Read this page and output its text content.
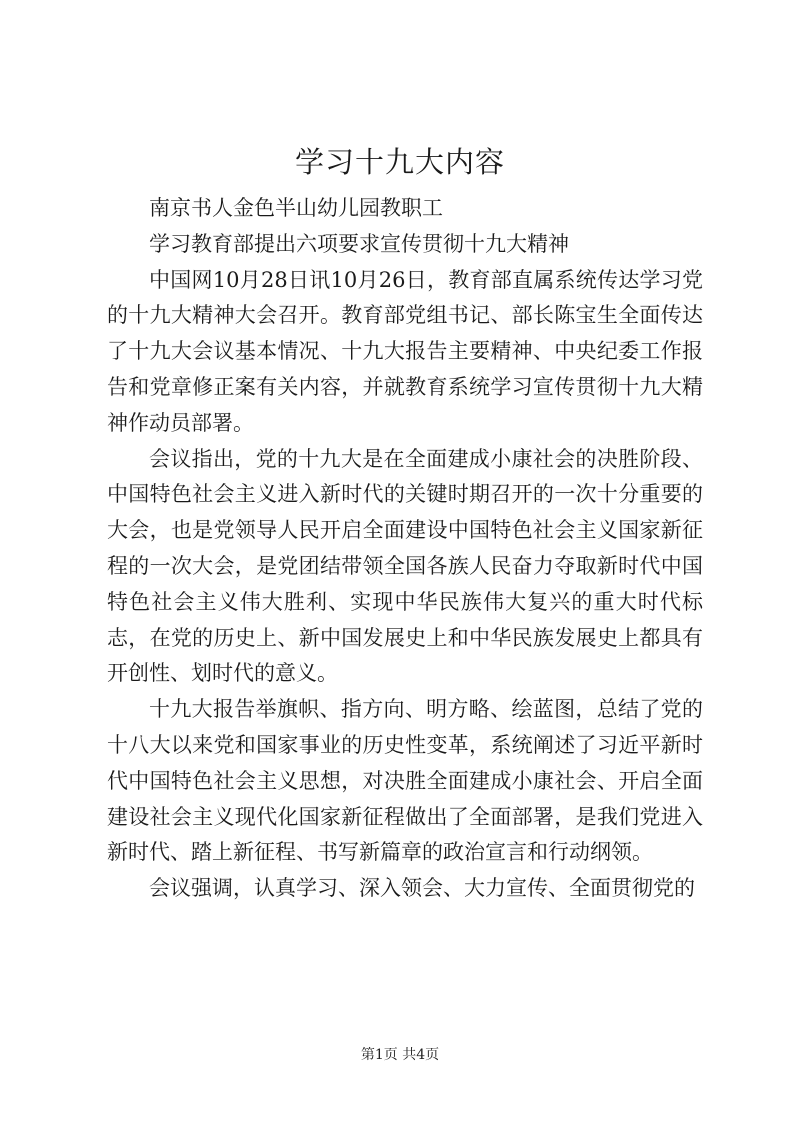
学习十九大内容

南京书人金色半山幼儿园教职工

学习教育部提出六项要求宣传贯彻十九大精神

中国网10月28日讯10月26日，教育部直属系统传达学习党的十九大精神大会召开。教育部党组书记、部长陈宝生全面传达了十九大会议基本情况、十九大报告主要精神、中央纪委工作报告和党章修正案有关内容，并就教育系统学习宣传贯彻十九大精神作动员部署。

会议指出，党的十九大是在全面建成小康社会的决胜阶段、中国特色社会主义进入新时代的关键时期召开的一次十分重要的大会，也是党领导人民开启全面建设中国特色社会主义国家新征程的一次大会，是党团结带领全国各族人民奋力夺取新时代中国特色社会主义伟大胜利、实现中华民族伟大复兴的重大时代标志，在党的历史上、新中国发展史上和中华民族发展史上都具有开创性、划时代的意义。

十九大报告举旗帜、指方向、明方略、绘蓝图，总结了党的十八大以来党和国家事业的历史性变革，系统阐述了习近平新时代中国特色社会主义思想，对决胜全面建成小康社会、开启全面建设社会主义现代化国家新征程做出了全面部署，是我们党进入新时代、踏上新征程、书写新篇章的政治宣言和行动纲领。

会议强调，认真学习、深入领会、大力宣传、全面贯彻党的

第1页 共4页
